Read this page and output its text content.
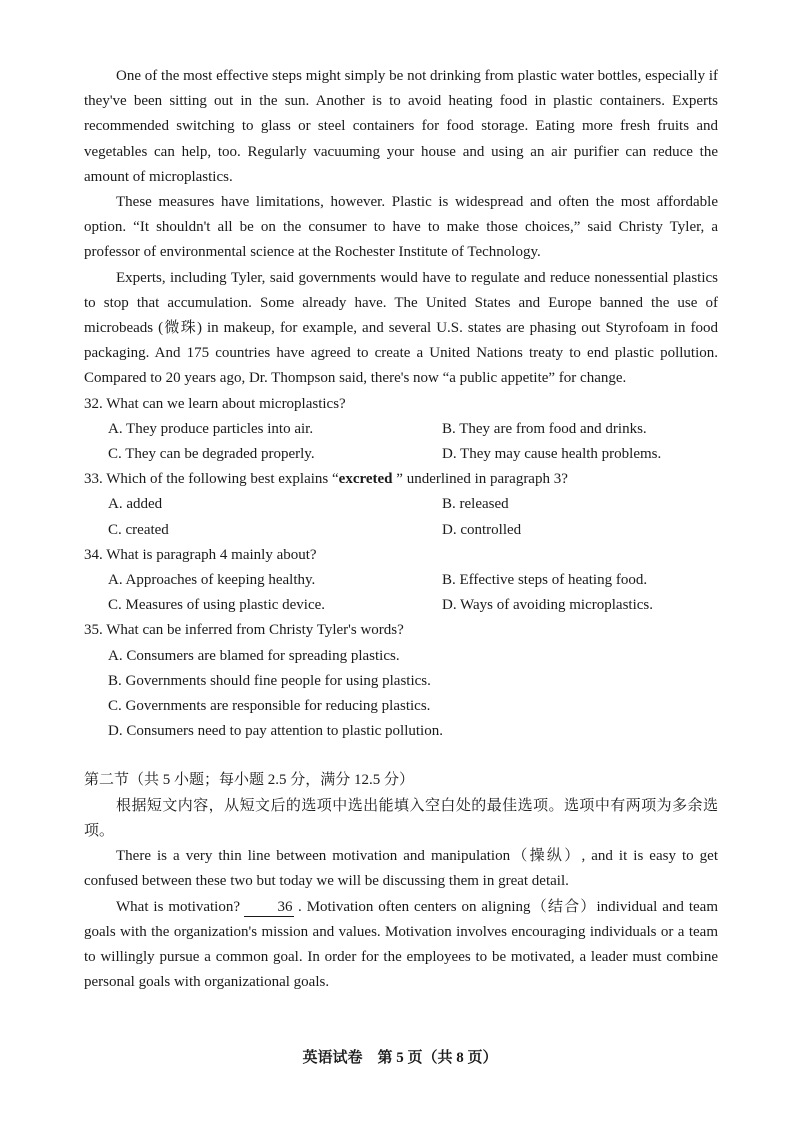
One of the most effective steps might simply be not drinking from plastic water bottles, especially if they've been sitting out in the sun. Another is to avoid heating food in plastic containers. Experts recommended switching to glass or steel containers for food storage. Eating more fresh fruits and vegetables can help, too. Regularly vacuuming your house and using an air purifier can reduce the amount of microplastics.

These measures have limitations, however. Plastic is widespread and often the most affordable option. “It shouldn't all be on the consumer to have to make those choices,” said Christy Tyler, a professor of environmental science at the Rochester Institute of Technology.

Experts, including Tyler, said governments would have to regulate and reduce nonessential plastics to stop that accumulation. Some already have. The United States and Europe banned the use of microbeads (微珠) in makeup, for example, and several U.S. states are phasing out Styrofoam in food packaging. And 175 countries have agreed to create a United Nations treaty to end plastic pollution. Compared to 20 years ago, Dr. Thompson said, there's now “a public appetite” for change.

32. What can we learn about microplastics?

A. They produce particles into air.	B. They are from food and drinks.
C. They can be degraded properly.	D. They may cause health problems.

33. Which of the following best explains “excreted ” underlined in paragraph 3?

A. added	B. released
C. created	D. controlled

34. What is paragraph 4 mainly about?

A. Approaches of keeping healthy.	B. Effective steps of heating food.
C. Measures of using plastic device.	D. Ways of avoiding microplastics.

35. What can be inferred from Christy Tyler's words?

A. Consumers are blamed for spreading plastics.
B. Governments should fine people for using plastics.
C. Governments are responsible for reducing plastics.
D. Consumers need to pay attention to plastic pollution.

第二节（共 5 小题；每小题 2.5 分，满分 12.5 分）

根据短文内容，从短文后的选项中选出能填入空白处的最佳选项。选项中有两项为多余选项。

There is a very thin line between motivation and manipulation（操纵）, and it is easy to get confused between these two but today we will be discussing them in great detail.

What is motivation?	36 . Motivation often centers on aligning（结合）individual and team goals with the organization's mission and values. Motivation involves encouraging individuals or a team to willingly pursue a common goal. In order for the employees to be motivated, a leader must combine personal goals with organizational goals.

英语试卷　第 5 页（共 8 页）
